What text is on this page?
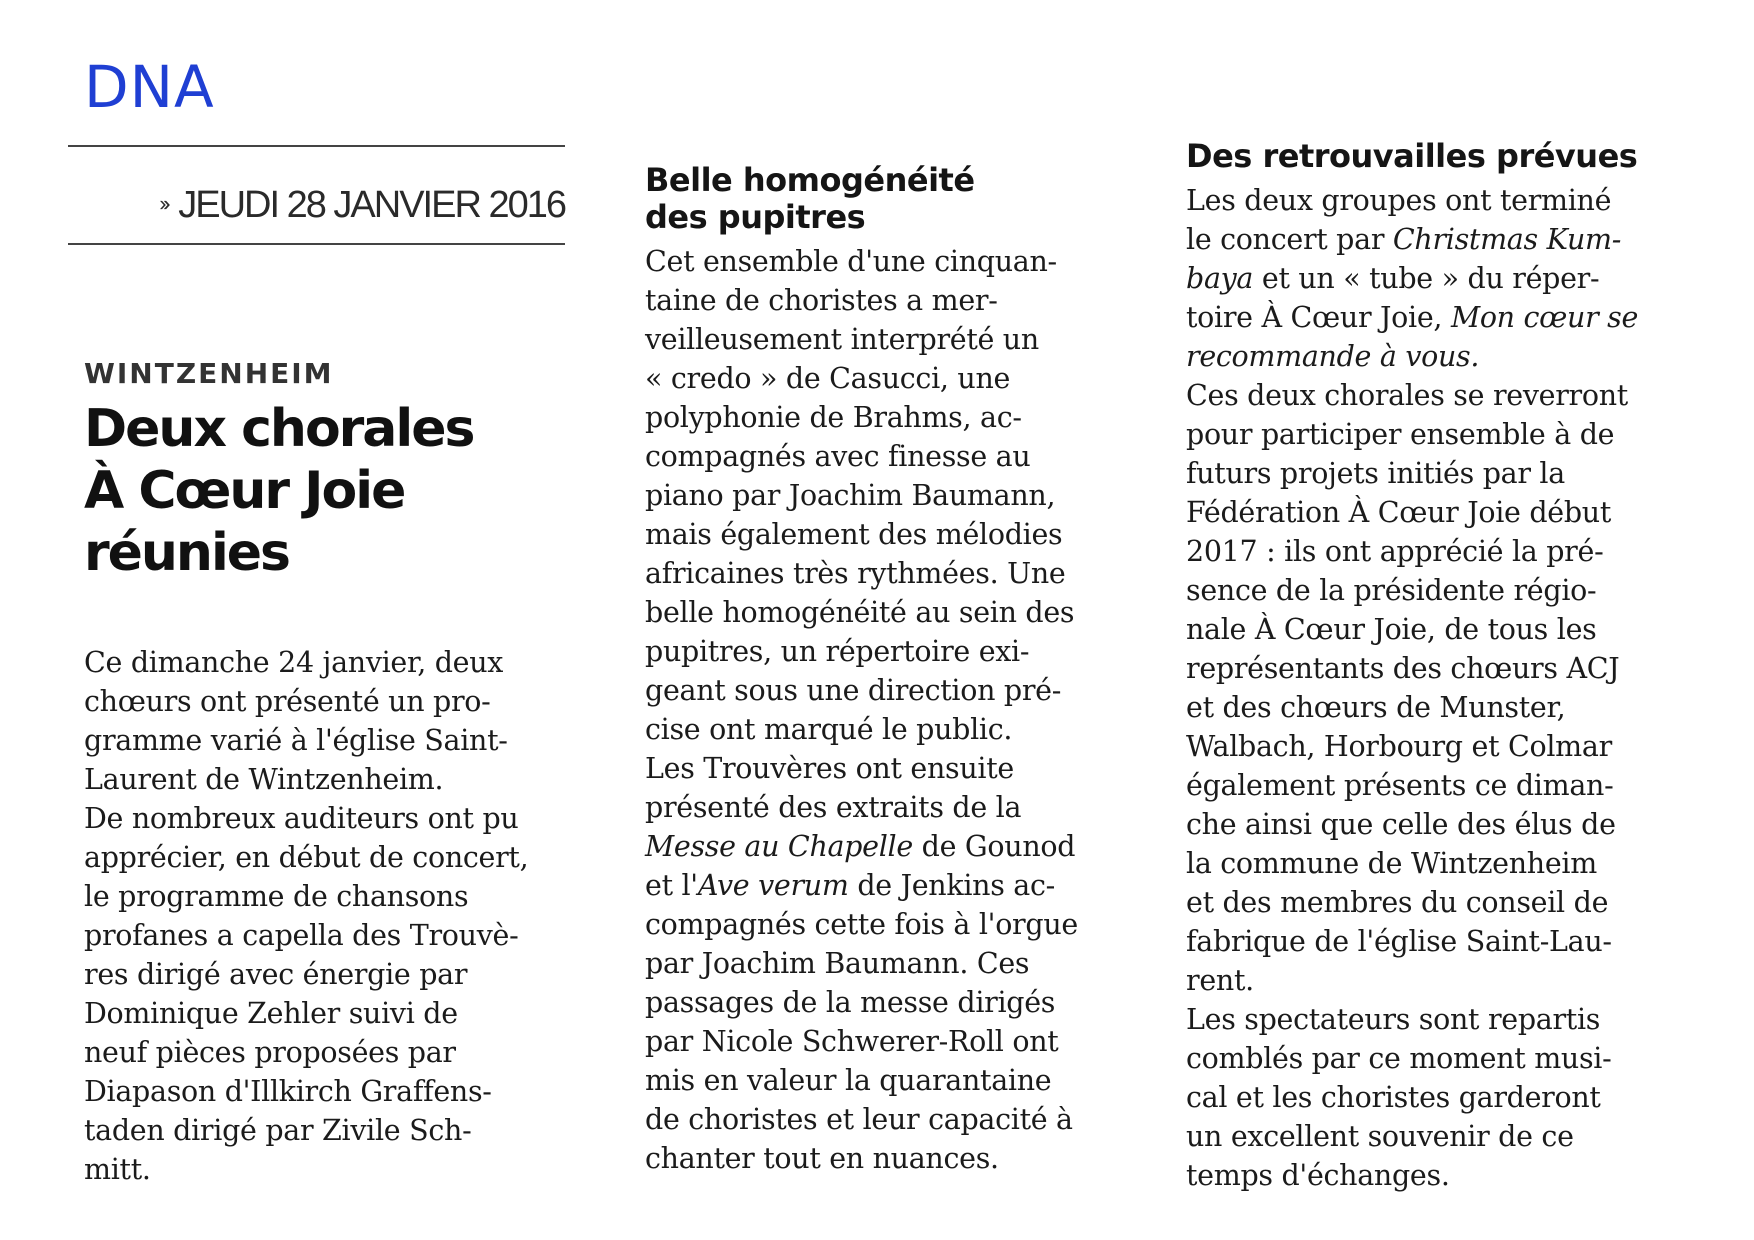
DNA
JEUDI 28 JANVIER 2016
WINTZENHEIM
Deux chorales
À Cœur Joie
réunies
Ce dimanche 24 janvier, deux
chœurs ont présenté un pro-
gramme varié à l'église Saint-
Laurent de Wintzenheim.
De nombreux auditeurs ont pu
apprécier, en début de concert,
le programme de chansons
profanes a capella des Trouvè-
res dirigé avec énergie par
Dominique Zehler suivi de
neuf pièces proposées par
Diapason d'Illkirch Graffens-
taden dirigé par Zivile Sch-
mitt.
Belle homogénéité
des pupitres
Cet ensemble d'une cinquan-
taine de choristes a mer-
veilleusement interprété un
« credo » de Casucci, une
polyphonie de Brahms, ac-
compagnés avec finesse au
piano par Joachim Baumann,
mais également des mélodies
africaines très rythmées. Une
belle homogénéité au sein des
pupitres, un répertoire exi-
geant sous une direction pré-
cise ont marqué le public.
Les Trouvères ont ensuite
présenté des extraits de la
Messe au Chapelle de Gounod
et l'Ave verum de Jenkins ac-
compagnés cette fois à l'orgue
par Joachim Baumann. Ces
passages de la messe dirigés
par Nicole Schwerer-Roll ont
mis en valeur la quarantaine
de choristes et leur capacité à
chanter tout en nuances.
Des retrouvailles prévues
Les deux groupes ont terminé
le concert par Christmas Kum-
baya et un « tube » du réper-
toire À Cœur Joie, Mon cœur se
recommande à vous.
Ces deux chorales se reverront
pour participer ensemble à de
futurs projets initiés par la
Fédération À Cœur Joie début
2017 : ils ont apprécié la pré-
sence de la présidente régio-
nale À Cœur Joie, de tous les
représentants des chœurs ACJ
et des chœurs de Munster,
Walbach, Horbourg et Colmar
également présents ce diman-
che ainsi que celle des élus de
la commune de Wintzenheim
et des membres du conseil de
fabrique de l'église Saint-Lau-
rent.
Les spectateurs sont repartis
comblés par ce moment musi-
cal et les choristes garderont
un excellent souvenir de ce
temps d'échanges.
